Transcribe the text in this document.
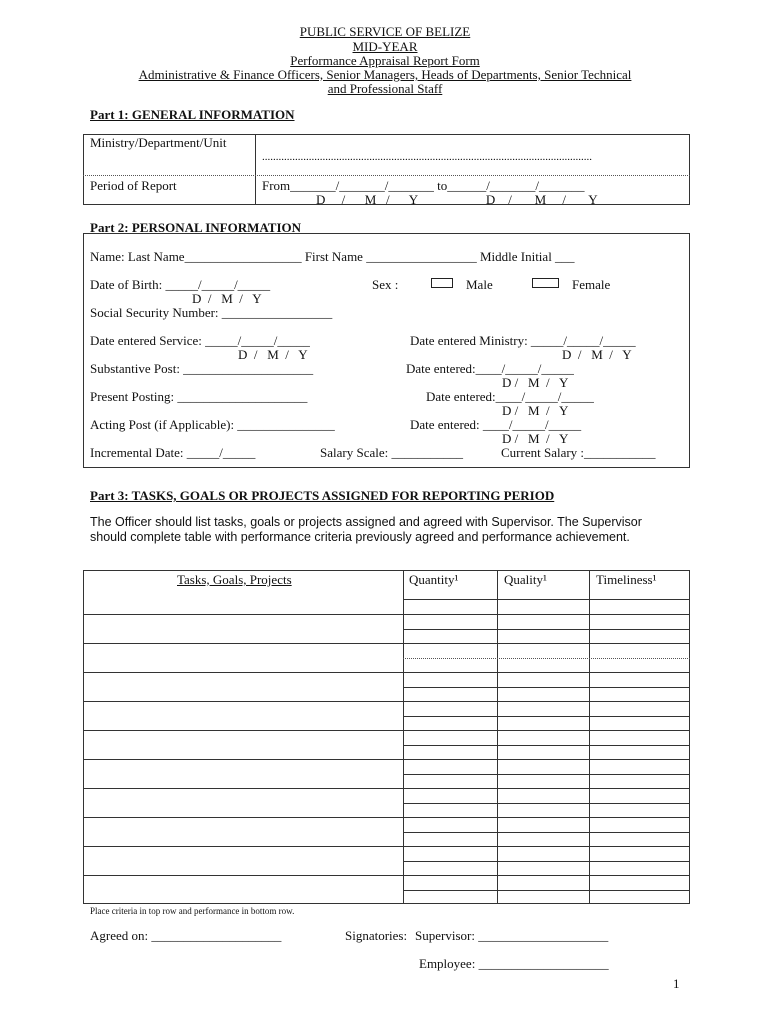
PUBLIC SERVICE OF BELIZE
MID-YEAR
Performance Appraisal Report Form
Administrative & Finance Officers, Senior Managers, Heads of Departments, Senior Technical
and Professional Staff
Part 1: GENERAL INFORMATION
Ministry/Department/Unit
........................................................................................................................
Period of Report	From_______/_______/_______ to______/_______/_______
D     /      M   /      Y                     D    /       M     /       Y
Part 2: PERSONAL INFORMATION
Name: Last Name__________________ First Name _________________ Middle Initial ___
Date of Birth: _____/_____/_____
D  /   M  /   Y
Sex :	Male	Female
Social Security Number: _________________
Date entered Service: _____/_____/_____
D  /   M  /   Y
Date entered Ministry: _____/_____/_____
D  /   M  /   Y
Substantive Post: ____________________	Date entered:____/_____/_____
D /   M  /   Y
Present Posting: ____________________	Date entered:____/_____/_____
D /   M  /   Y
Acting Post (if Applicable): _______________	Date entered: ____/_____/_____
D /   M  /   Y
Incremental Date: _____/_____	Salary Scale: ___________	Current Salary :___________
Part 3: TASKS, GOALS OR PROJECTS ASSIGNED FOR REPORTING PERIOD
The Officer should list tasks, goals or projects assigned and agreed with Supervisor. The Supervisor should complete table with performance criteria previously agreed and performance achievement.
Tasks, Goals, Projects	Quantity¹	Quality¹	Timeliness¹
Place criteria in top row and performance in bottom row.
Agreed on: ____________________	Signatories: Supervisor: ____________________
Employee: ____________________
1
